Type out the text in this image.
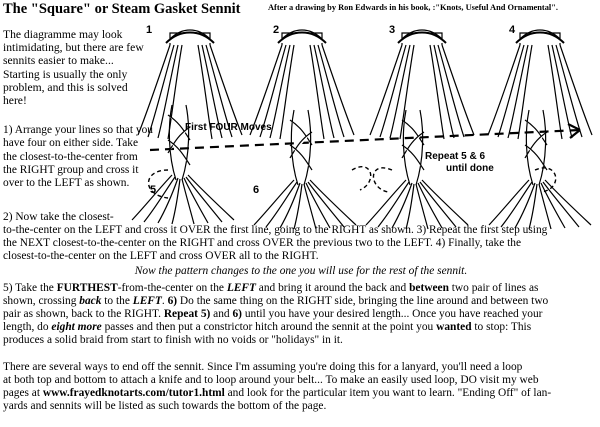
The "Square" or Steam Gasket Sennit	After a drawing by Ron Edwards in his book, :"Knots, Useful And Ornamental".
The diagramme may look intimidating, but there are few sennits easier to make... Starting is usually the only problem, and this is solved here!
1	2	3	4
5	6
First FOUR Moves
Repeat 5 & 6
until done
1) Arrange your lines so that you have four on either side. Take the closest-to-the-center from the RIGHT group and cross it over to the LEFT as shown.
2) Now take the closest-
to-the-center on the LEFT and cross it OVER the first line, going to the RIGHT as shown. 3) Repeat the first step using
the NEXT closest-to-the-center on the RIGHT and cross OVER the previous two to the LEFT. 4) Finally, take the
closest-to-the-center on the LEFT and cross OVER all to the RIGHT.
Now the pattern changes to the one you will use for the rest of the sennit.
5) Take the FURTHEST-from-the-center on the LEFT and bring it around the back and between two pair of lines as
shown, crossing back to the LEFT. 6) Do the same thing on the RIGHT side, bringing the line around and between two
pair as shown, back to the RIGHT. Repeat 5) and 6) until you have your desired length... Once you have reached your
length, do eight more passes and then put a constrictor hitch around the sennit at the point you wanted to stop: This
produces a solid braid from start to finish with no voids or "holidays" in it.
There are several ways to end off the sennit. Since I'm assuming you're doing this for a lanyard, you'll need a loop
at both top and bottom to attach a knife and to loop around your belt... To make an easily used loop, DO visit my web
pages at www.frayedknotarts.com/tutor1.html and look for the particular item you want to learn. "Ending Off" of lan-
yards and sennits will be listed as such towards the bottom of the page.
